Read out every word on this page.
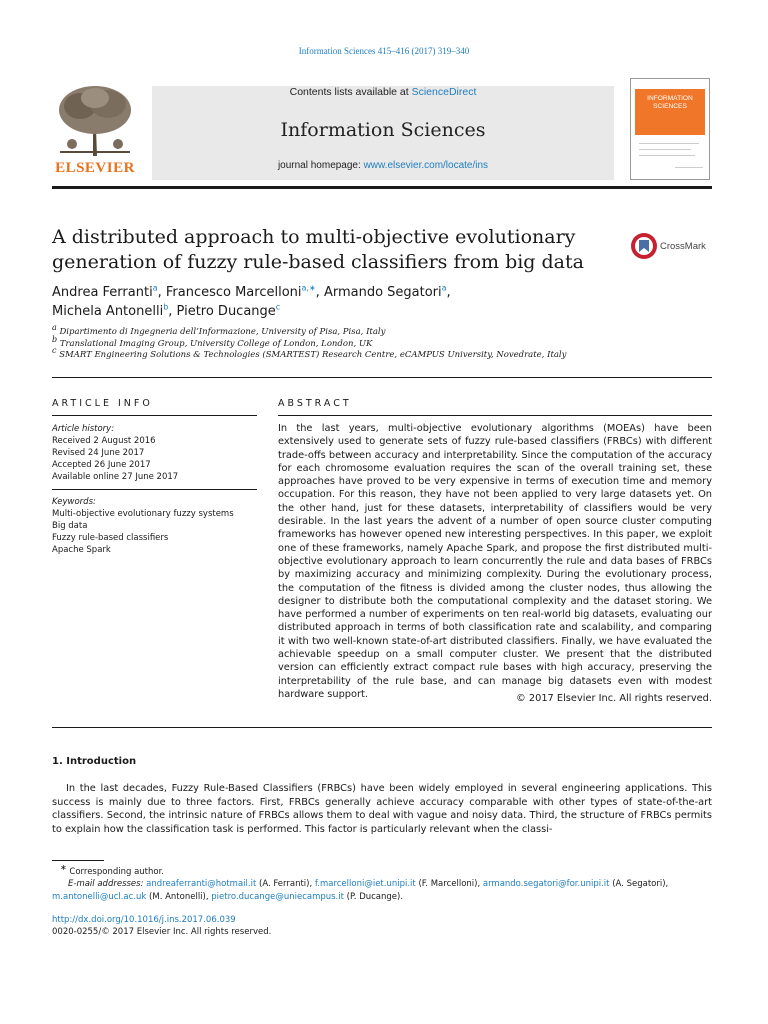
Information Sciences 415–416 (2017) 319–340
ELSEVIER
Contents lists available at ScienceDirect
Information Sciences
journal homepage: www.elsevier.com/locate/ins
INFORMATION SCIENCES
A distributed approach to multi-objective evolutionary generation of fuzzy rule-based classifiers from big data
CrossMark
Andrea Ferranti$^a$, Francesco Marcelloni$^{a,∗}$, Armando Segatori$^a$,
Michela Antonelli$^b$, Pietro Ducange$^c$
$^a$ Dipartimento di Ingegneria dell’Informazione, University of Pisa, Pisa, Italy
$^b$ Translational Imaging Group, University College of London, London, UK
$^c$ SMART Engineering Solutions & Technologies (SMARTEST) Research Centre, eCAMPUS University, Novedrate, Italy
ARTICLE INFO	ABSTRACT
Article history:
Received 2 August 2016
Revised 24 June 2017
Accepted 26 June 2017
Available online 27 June 2017
Keywords:
Multi-objective evolutionary fuzzy systems
Big data
Fuzzy rule-based classifiers
Apache Spark
In the last years, multi-objective evolutionary algorithms (MOEAs) have been extensively used to generate sets of fuzzy rule-based classifiers (FRBCs) with different trade-offs between accuracy and interpretability. Since the computation of the accuracy for each chromosome evaluation requires the scan of the overall training set, these approaches have proved to be very expensive in terms of execution time and memory occupation. For this reason, they have not been applied to very large datasets yet. On the other hand, just for these datasets, interpretability of classifiers would be very desirable. In the last years the advent of a number of open source cluster computing frameworks has however opened new interesting perspectives. In this paper, we exploit one of these frameworks, namely Apache Spark, and propose the first distributed multi-objective evolutionary approach to learn concurrently the rule and data bases of FRBCs by maximizing accuracy and minimizing complexity. During the evolutionary process, the computation of the fitness is divided among the cluster nodes, thus allowing the designer to distribute both the computational complexity and the dataset storing. We have performed a number of experiments on ten real-world big datasets, evaluating our distributed approach in terms of both classification rate and scalability, and comparing it with two well-known state-of-art distributed classifiers. Finally, we have evaluated the achievable speedup on a small computer cluster. We present that the distributed version can efficiently extract compact rule bases with high accuracy, preserving the interpretability of the rule base, and can manage big datasets even with modest hardware support.	© 2017 Elsevier Inc. All rights reserved.
1. Introduction
In the last decades, Fuzzy Rule-Based Classifiers (FRBCs) have been widely employed in several engineering applications. This success is mainly due to three factors. First, FRBCs generally achieve accuracy comparable with other types of state-of-the-art classifiers. Second, the intrinsic nature of FRBCs allows them to deal with vague and noisy data. Third, the structure of FRBCs permits to explain how the classification task is performed. This factor is particularly relevant when the classi-
∗ Corresponding author.
E-mail addresses: andreaferranti@hotmail.it (A. Ferranti), f.marcelloni@iet.unipi.it (F. Marcelloni), armando.segatori@for.unipi.it (A. Segatori),
m.antonelli@ucl.ac.uk (M. Antonelli), pietro.ducange@uniecampus.it (P. Ducange).
http://dx.doi.org/10.1016/j.ins.2017.06.039
0020-0255/© 2017 Elsevier Inc. All rights reserved.
